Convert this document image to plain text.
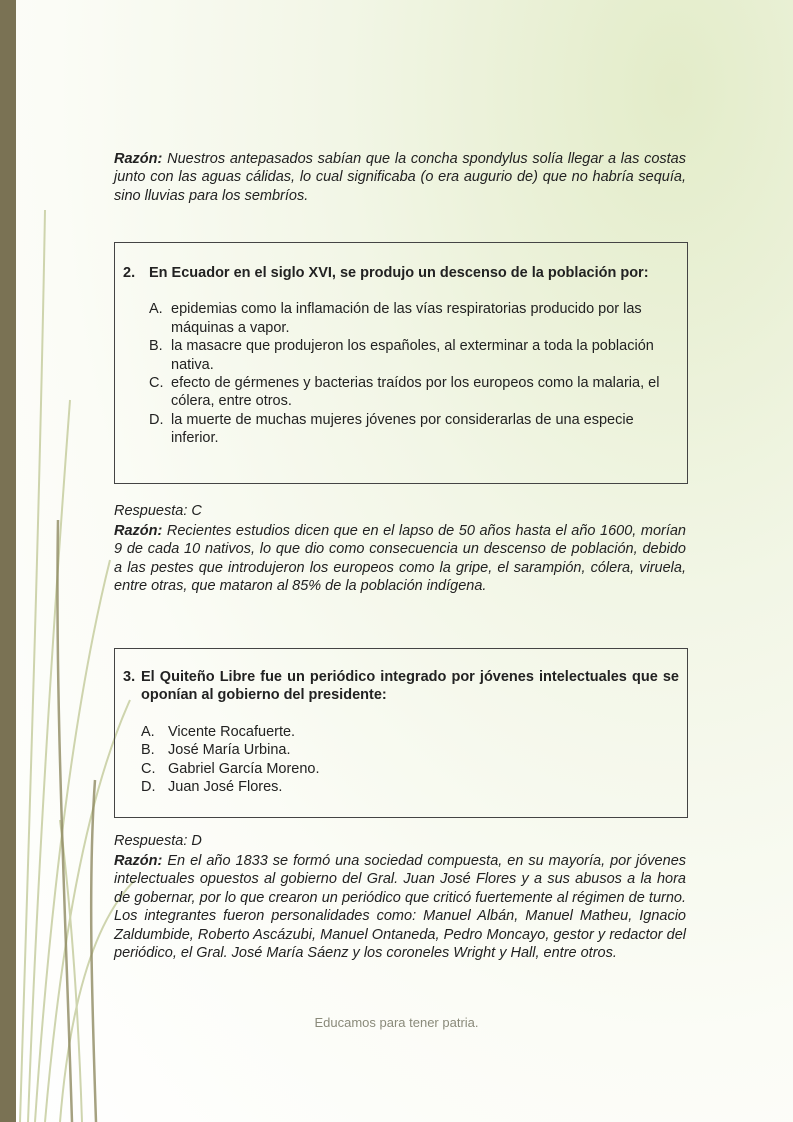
Razón: Nuestros antepasados sabían que la concha spondylus solía llegar a las costas junto con las aguas cálidas, lo cual significaba (o era augurio de) que no habría sequía, sino lluvias para los sembríos.
2. En Ecuador en el siglo XVI, se produjo un descenso de la población por:
A. epidemias como la inflamación de las vías respiratorias producido por las máquinas a vapor.
B. la masacre que produjeron los españoles, al exterminar a toda la población nativa.
C. efecto de gérmenes y bacterias traídos por los europeos como la malaria, el cólera, entre otros.
D. la muerte de muchas mujeres jóvenes por considerarlas de una especie inferior.
Respuesta: C
Razón: Recientes estudios dicen que en el lapso de 50 años hasta el año 1600, morían 9 de cada 10 nativos, lo que dio como consecuencia un descenso de población, debido a las pestes que introdujeron los europeos como la gripe, el sarampión, cólera, viruela, entre otras, que mataron al 85% de la población indígena.
3. El Quiteño Libre fue un periódico integrado por jóvenes intelectuales que se oponían al gobierno del presidente:
A. Vicente Rocafuerte.
B. José María Urbina.
C. Gabriel García Moreno.
D. Juan José Flores.
Respuesta: D
Razón: En el año 1833 se formó una sociedad compuesta, en su mayoría, por jóvenes intelectuales opuestos al gobierno del Gral. Juan José Flores y a sus abusos a la hora de gobernar, por lo que crearon un periódico que criticó fuertemente al régimen de turno. Los integrantes fueron personalidades como: Manuel Albán, Manuel Matheu, Ignacio Zaldumbide, Roberto Ascázubi, Manuel Ontaneda, Pedro Moncayo, gestor y redactor del periódico, el Gral. José María Sáenz y los coroneles Wright y Hall, entre otros.
Educamos para tener patria.
